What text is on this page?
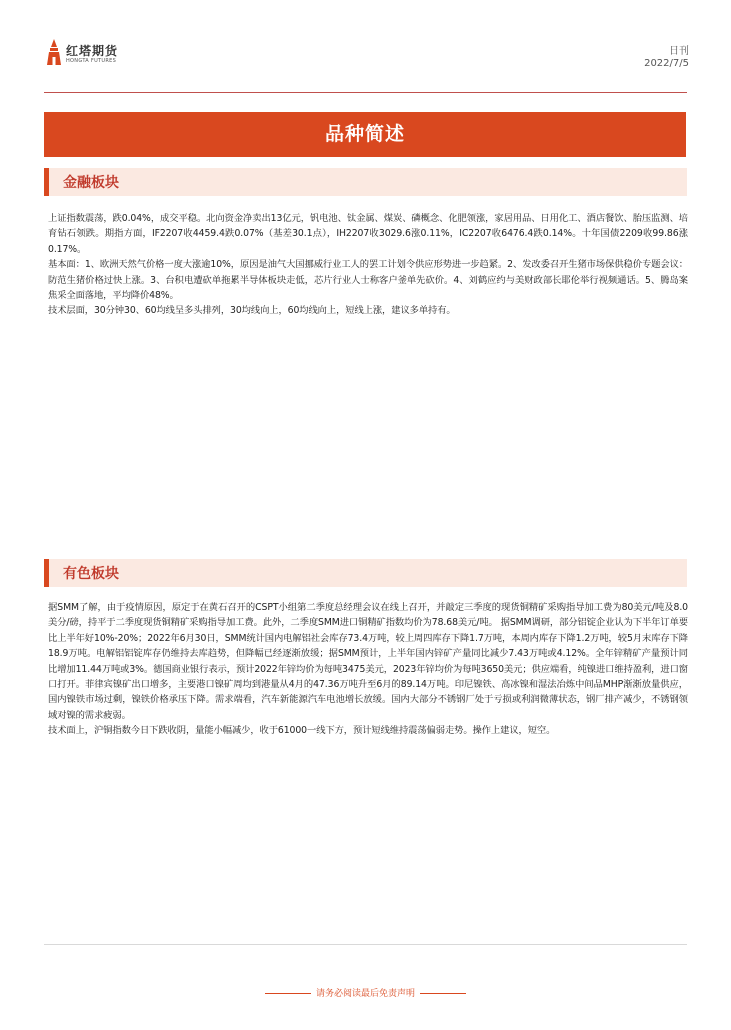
红塔期货
HONGTA FUTURES
日刊
2022/7/5
品种简述
金融板块

上证指数震荡，跌0.04%，成交平稳。北向资金净卖出13亿元，钒电池、钛金属、煤炭、磷概念、化肥领涨，家居用品、日用化工、酒店餐饮、胎压监测、培育钻石领跌。期指方面，IF2207收4459.4跌0.07%（基差30.1点），IH2207收3029.6涨0.11%，IC2207收6476.4跌0.14%。十年国债2209收99.86涨0.17%。

基本面：1、欧洲天然气价格一度大涨逾10%，原因是油气大国挪威行业工人的罢工计划令供应形势进一步趋紧。2、发改委召开生猪市场保供稳价专题会议：防范生猪价格过快上涨。3、台积电遭砍单拖累半导体板块走低，芯片行业人士称客户釜单先砍价。4、刘鹤应约与美财政部长耶伦举行视频通话。5、腾岛案焦采全面落地，平均降价48%。

技术层面，30分钟30、60均线呈多头排列，30均线向上，60均线向上，短线上涨，建议多单持有。

有色板块

据SMM了解，由于疫情原因，原定于在黄石召开的CSPT小组第二季度总经理会议在线上召开，并敲定三季度的现货铜精矿采购指导加工费为80美元/吨及8.0美分/磅，持平于二季度现货铜精矿采购指导加工费。此外，二季度SMM进口铜精矿指数均价为78.68美元/吨。 据SMM调研，部分铝锭企业认为下半年订单要比上半年好10%-20%；2022年6月30日，SMM统计国内电解铝社会库存73.4万吨，较上周四库存下降1.7万吨，本周内库存下降1.2万吨，较5月末库存下降18.9万吨。电解铝铝锭库存仍维持去库趋势，但降幅已经逐渐放缓；据SMM预计，上半年国内锌矿产量同比减少7.43万吨或4.12%。全年锌精矿产量预计同比增加11.44万吨或3%。德国商业银行表示，预计2022年锌均价为每吨3475美元，2023年锌均价为每吨3650美元；供应端看，纯镍进口维持盈利，进口窗口打开。菲律宾镍矿出口增多，主要港口镍矿周均到港量从4月的47.36万吨升至6月的89.14万吨。印尼镍铁、高冰镍和湿法冶炼中间品MHP渐渐放量供应，国内镍铁市场过剩，镍铁价格承压下降。需求端看，汽车新能源汽车电池增长放缓。国内大部分不锈钢厂处于亏损或利润微薄状态，钢厂排产减少，不锈钢领域对镍的需求疲弱。

技术面上，沪铜指数今日下跌收阴，量能小幅减少，收于61000一线下方，预计短线维持震荡偏弱走势。操作上建议，短空。

请务必阅读最后免责声明
